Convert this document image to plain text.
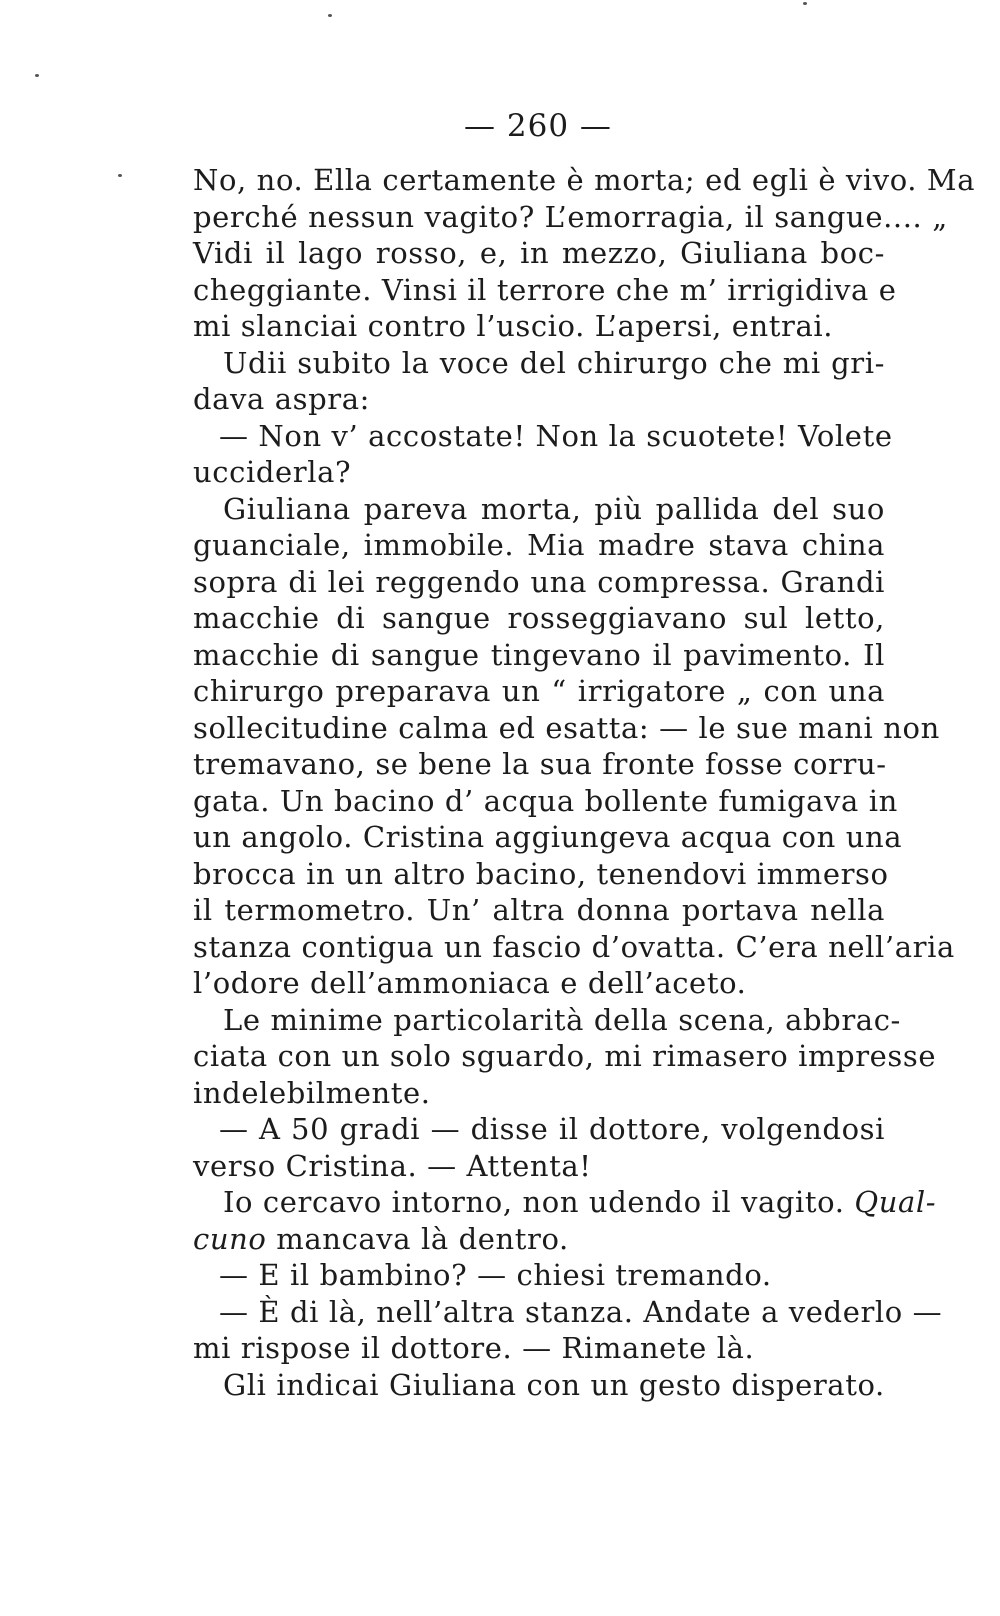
— 260 —
No, no. Ella certamente è morta; ed egli è vivo. Ma
perché nessun vagito? L’emorragia, il sangue.... „
Vidi il lago rosso, e, in mezzo, Giuliana boc-
cheggiante. Vinsi il terrore che m’ irrigidiva e
mi slanciai contro l’uscio. L’apersi, entrai.
Udii subito la voce del chirurgo che mi gri-
dava aspra:
— Non v’ accostate! Non la scuotete! Volete
ucciderla?
Giuliana pareva morta, più pallida del suo
guanciale, immobile. Mia madre stava china
sopra di lei reggendo una compressa. Grandi
macchie di sangue rosseggiavano sul letto,
macchie di sangue tingevano il pavimento. Il
chirurgo preparava un “ irrigatore „ con una
sollecitudine calma ed esatta: — le sue mani non
tremavano, se bene la sua fronte fosse corru-
gata. Un bacino d’ acqua bollente fumigava in
un angolo. Cristina aggiungeva acqua con una
brocca in un altro bacino, tenendovi immerso
il termometro. Un’ altra donna portava nella
stanza contigua un fascio d’ovatta. C’era nell’aria
l’odore dell’ammoniaca e dell’aceto.
Le minime particolarità della scena, abbrac-
ciata con un solo sguardo, mi rimasero impresse
indelebilmente.
— A 50 gradi — disse il dottore, volgendosi
verso Cristina. — Attenta!
Io cercavo intorno, non udendo il vagito. Qual-
cuno mancava là dentro.
— E il bambino? — chiesi tremando.
— È di là, nell’altra stanza. Andate a vederlo —
mi rispose il dottore. — Rimanete là.
Gli indicai Giuliana con un gesto disperato.
